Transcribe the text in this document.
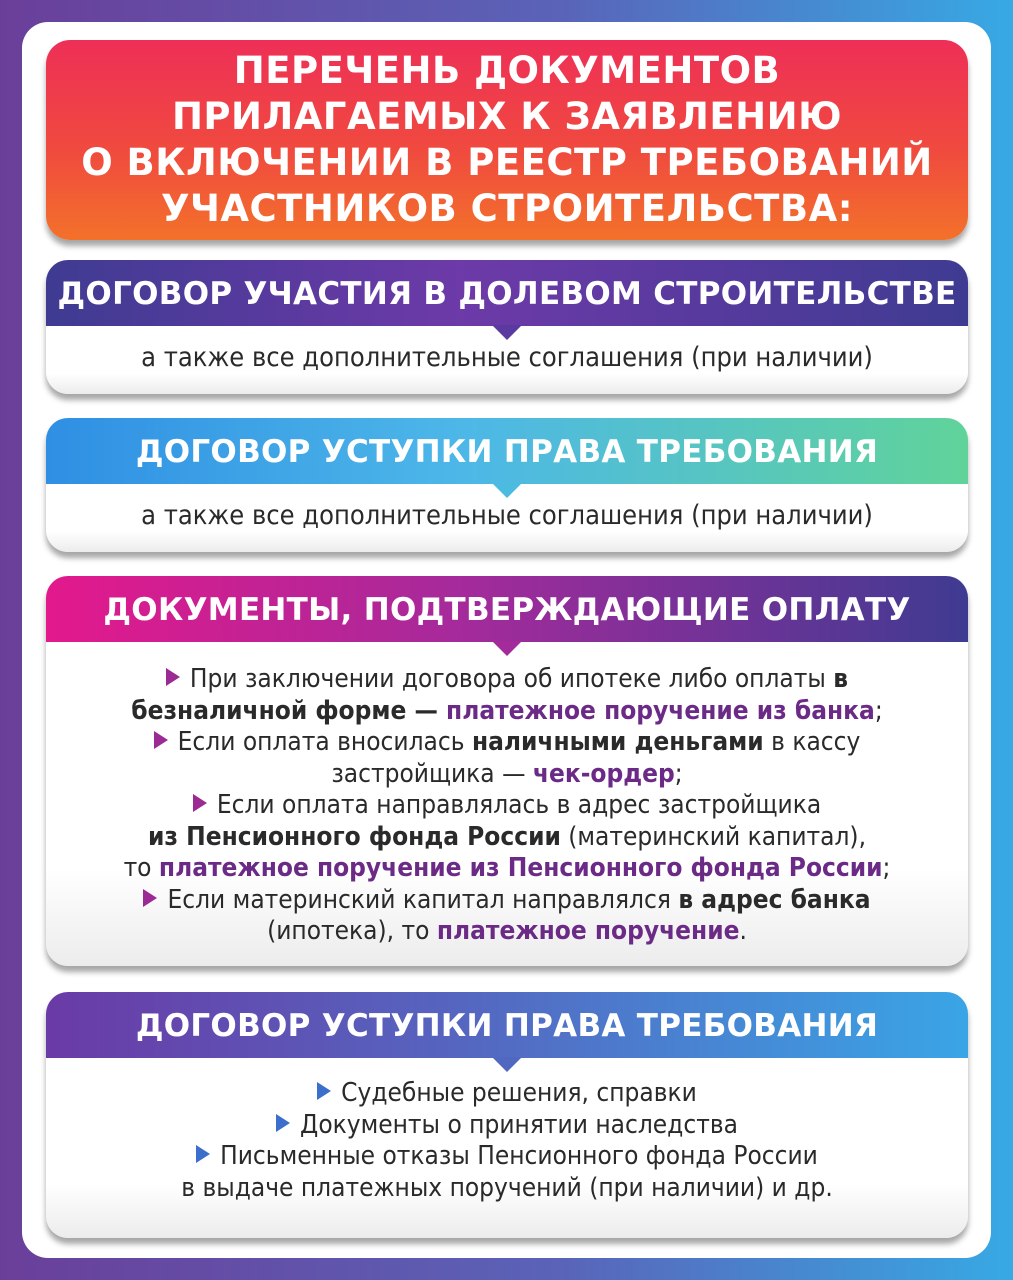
ПЕРЕЧЕНЬ ДОКУМЕНТОВ
ПРИЛАГАЕМЫХ К ЗАЯВЛЕНИЮ
О ВКЛЮЧЕНИИ В РЕЕСТР ТРЕБОВАНИЙ
УЧАСТНИКОВ СТРОИТЕЛЬСТВА:
ДОГОВОР УЧАСТИЯ В ДОЛЕВОМ СТРОИТЕЛЬСТВЕ
а также все дополнительные соглашения (при наличии)
ДОГОВОР УСТУПКИ ПРАВА ТРЕБОВАНИЯ
а также все дополнительные соглашения (при наличии)
ДОКУМЕНТЫ, ПОДТВЕРЖДАЮЩИЕ ОПЛАТУ
При заключении договора об ипотеке либо оплаты в
безналичной форме — платежное поручение из банка;
Если оплата вносилась наличными деньгами в кассу
застройщика — чек-ордер;
Если оплата направлялась в адрес застройщика
из Пенсионного фонда России (материнский капитал),
то платежное поручение из Пенсионного фонда России;
Если материнский капитал направлялся в адрес банка
(ипотека), то платежное поручение.
ДОГОВОР УСТУПКИ ПРАВА ТРЕБОВАНИЯ
Судебные решения, справки
Документы о принятии наследства
Письменные отказы Пенсионного фонда России
в выдаче платежных поручений (при наличии) и др.
